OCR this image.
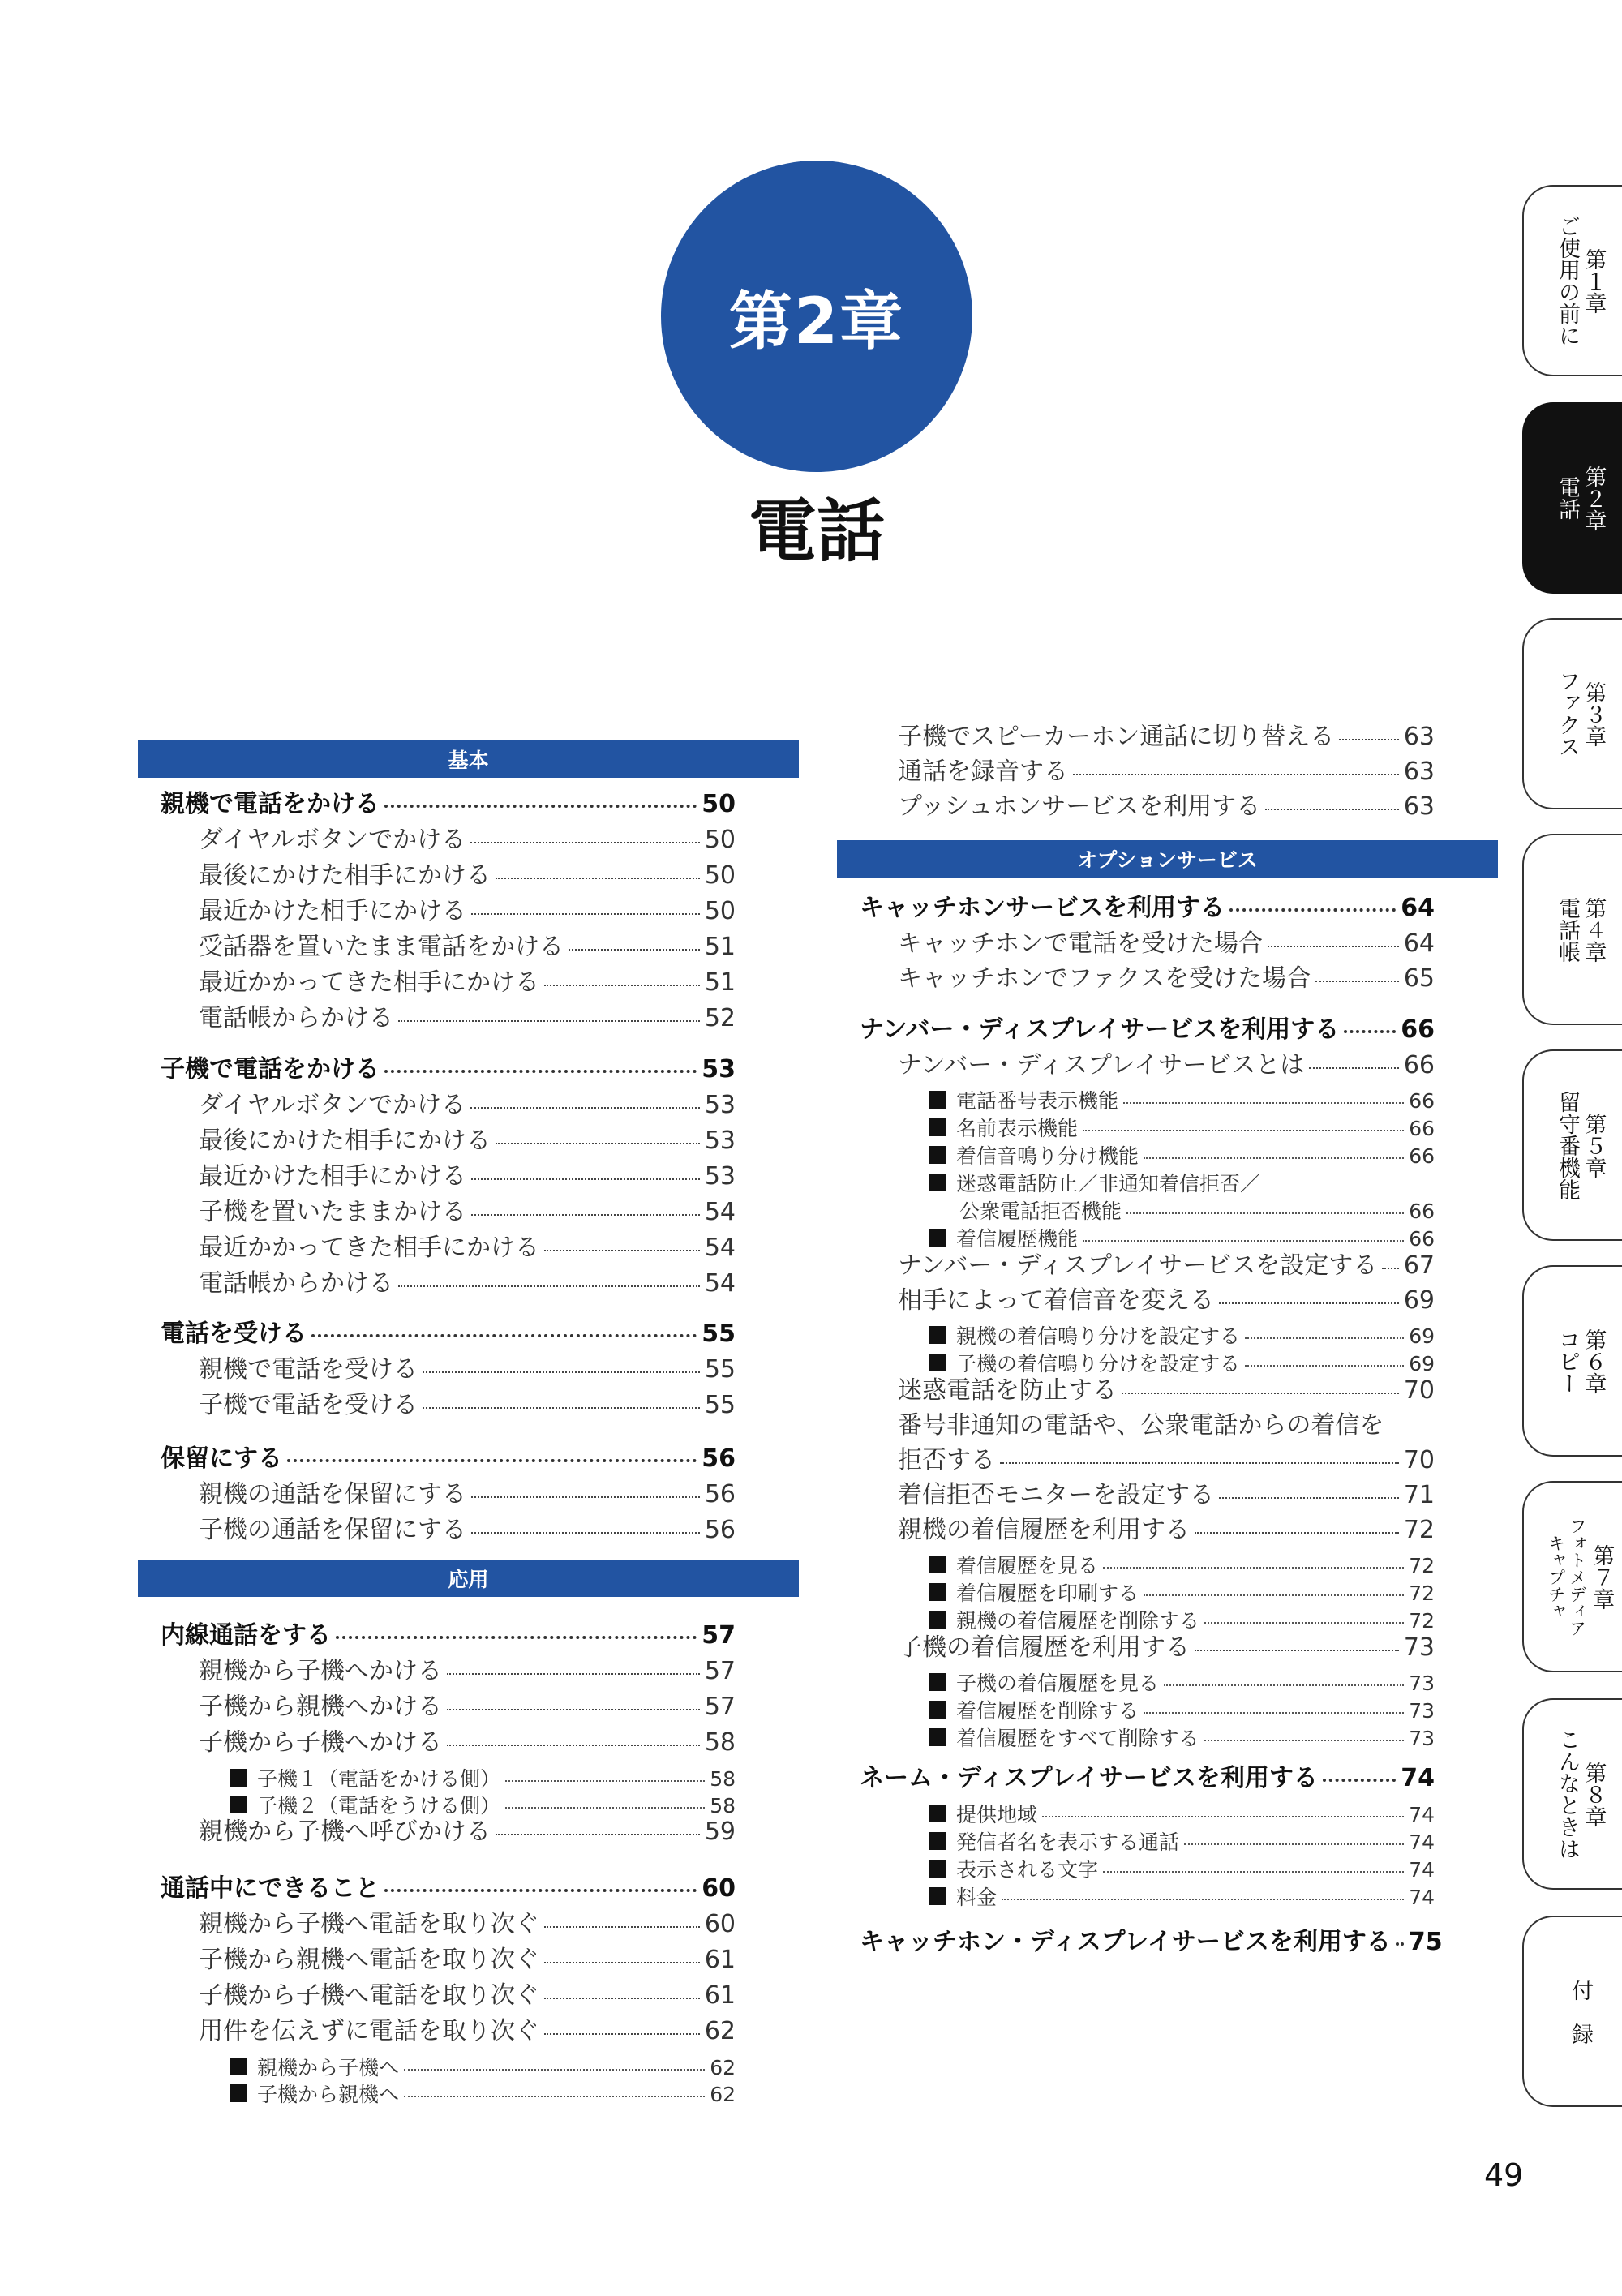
第2章
電話
基本
親機で電話をかける	50
ダイヤルボタンでかける	50
最後にかけた相手にかける	50
最近かけた相手にかける	50
受話器を置いたまま電話をかける	51
最近かかってきた相手にかける	51
電話帳からかける	52
子機で電話をかける	53
ダイヤルボタンでかける	53
最後にかけた相手にかける	53
最近かけた相手にかける	53
子機を置いたままかける	54
最近かかってきた相手にかける	54
電話帳からかける	54
電話を受ける	55
親機で電話を受ける	55
子機で電話を受ける	55
保留にする	56
親機の通話を保留にする	56
子機の通話を保留にする	56
応用
内線通話をする	57
親機から子機へかける	57
子機から親機へかける	57
子機から子機へかける	58
子機１（電話をかける側）	58
子機２（電話をうける側）	58
親機から子機へ呼びかける	59
通話中にできること	60
親機から子機へ電話を取り次ぐ	60
子機から親機へ電話を取り次ぐ	61
子機から子機へ電話を取り次ぐ	61
用件を伝えずに電話を取り次ぐ	62
親機から子機へ	62
子機から親機へ	62
子機でスピーカーホン通話に切り替える	63
通話を録音する	63
プッシュホンサービスを利用する	63
オプションサービス
キャッチホンサービスを利用する	64
キャッチホンで電話を受けた場合	64
キャッチホンでファクスを受けた場合	65
ナンバー・ディスプレイサービスを利用する	66
ナンバー・ディスプレイサービスとは	66
電話番号表示機能	66
名前表示機能	66
着信音鳴り分け機能	66
迷惑電話防止／非通知着信拒否／
公衆電話拒否機能	66
着信履歴機能	66
ナンバー・ディスプレイサービスを設定する 67
相手によって着信音を変える	69
親機の着信鳴り分けを設定する	69
子機の着信鳴り分けを設定する	69
迷惑電話を防止する	70
番号非通知の電話や、公衆電話からの着信を
拒否する	70
着信拒否モニターを設定する	71
親機の着信履歴を利用する	72
着信履歴を見る	72
着信履歴を印刷する	72
親機の着信履歴を削除する	72
子機の着信履歴を利用する	73
子機の着信履歴を見る	73
着信履歴を削除する	73
着信履歴をすべて削除する	73
ネーム・ディスプレイサービスを利用する	74
提供地域	74
発信者名を表示する通話	74
表示される文字	74
料金	74
キャッチホン・ディスプレイサービスを利用する 75
第１章
ご使用の前に
第２章
電話
第３章
ファクス
第４章
電話帳
第５章
留守番機能
第６章
コピー
第７章
フォトメディア
キャプチャ
第８章
こんなときは
付　録
49
